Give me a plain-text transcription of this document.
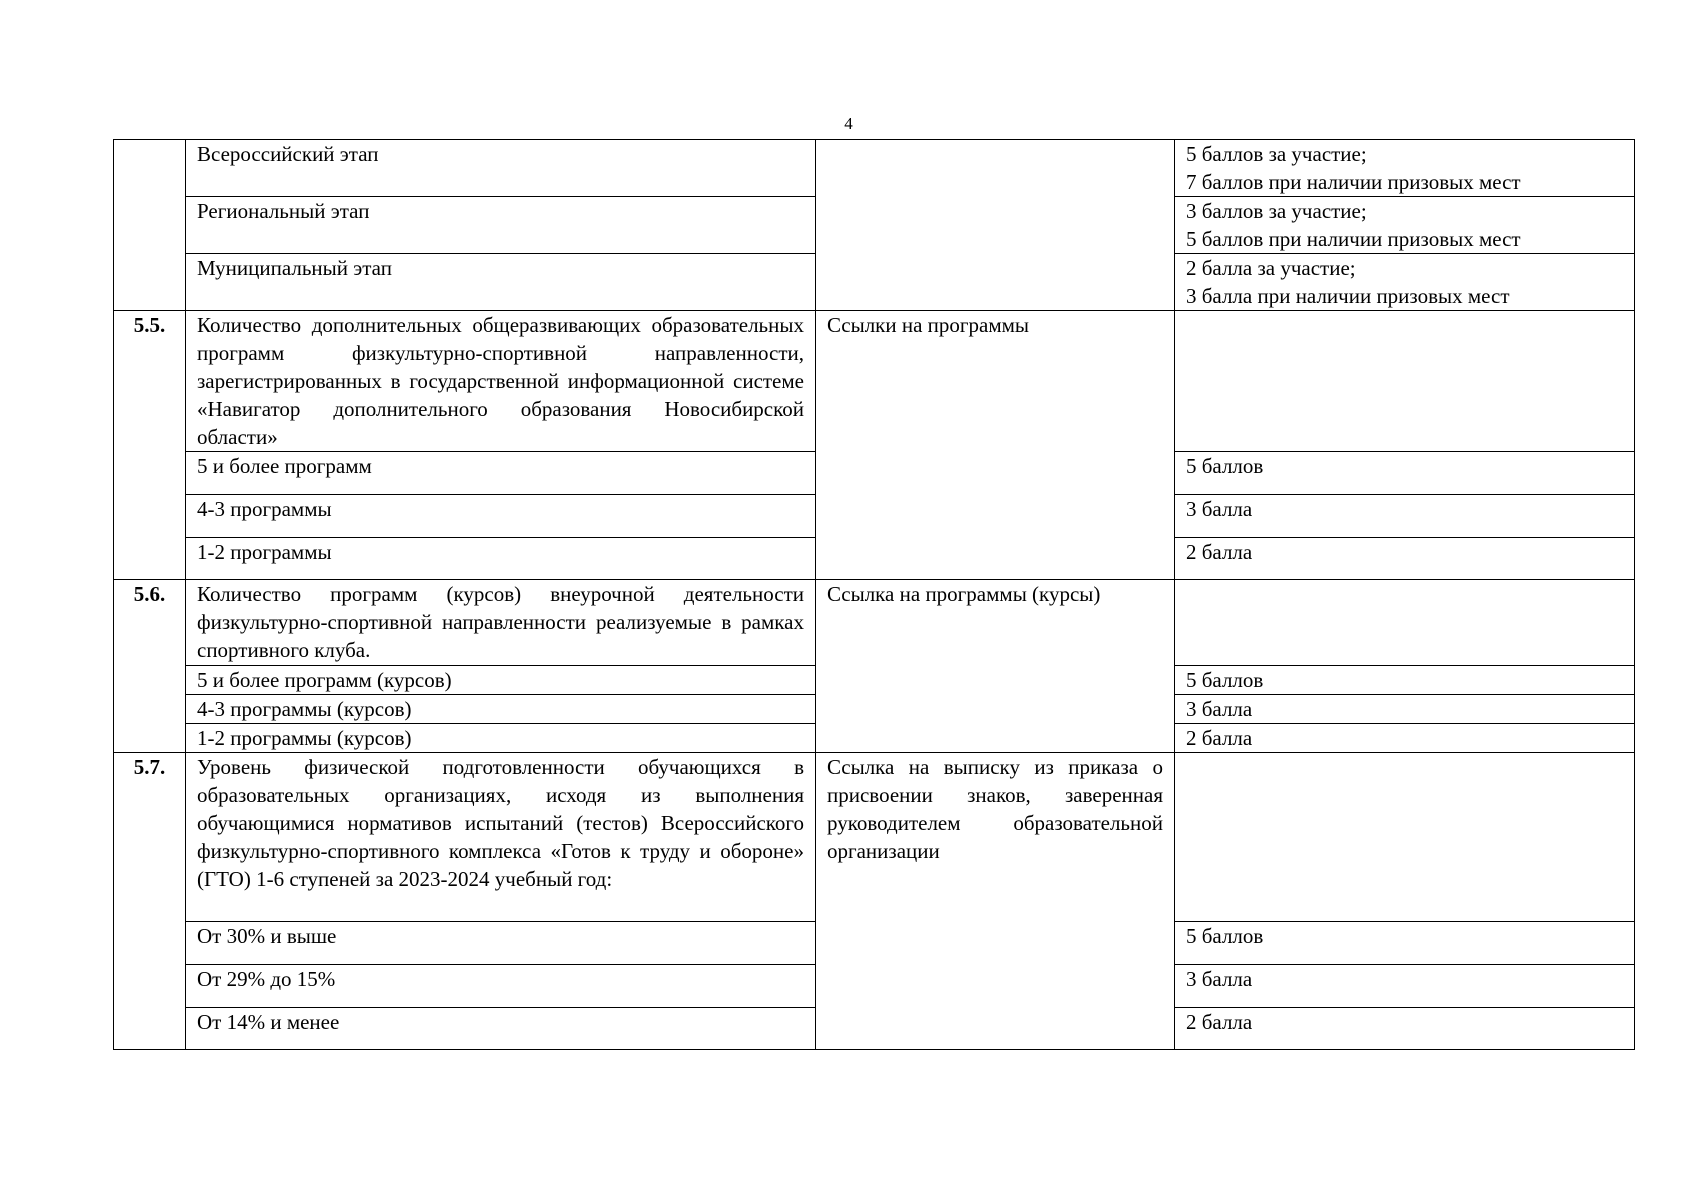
4
	Всероссийский этап		5 баллов за участие;
7 баллов при наличии призовых мест

	Региональный этап		3 баллов за участие;
5 баллов при наличии призовых мест

	Муниципальный этап		2 балла за участие;
3 балла при наличии призовых мест

5.5.	Количество дополнительных общеразвивающих образовательных программ физкультурно-спортивной направленности, зарегистрированных в государственной информационной системе «Навигатор дополнительного образования Новосибирской области»	Ссылки на программы	
	5 и более программ		5 баллов
	4-3 программы		3 балла
	1-2 программы		2 балла
5.6.	Количество программ (курсов) внеурочной деятельности физкультурно-спортивной направленности реализуемые в рамках спортивного клуба.	Ссылка на программы (курсы)	
	5 и более программ (курсов)		5 баллов
	4-3 программы (курсов)		3 балла
	1-2 программы (курсов)		2 балла
5.7.	Уровень физической подготовленности обучающихся в образовательных организациях, исходя из выполнения обучающимися нормативов испытаний (тестов) Всероссийского физкультурно-спортивного комплекса «Готов к труду и обороне» (ГТО) 1-6 ступеней за 2023-2024 учебный год:	Ссылка на выписку из приказа о присвоении знаков, заверенная руководителем образовательной организации	
	От 30% и выше		5 баллов
	От 29% до 15%		3 балла
	От 14% и менее		2 балла
